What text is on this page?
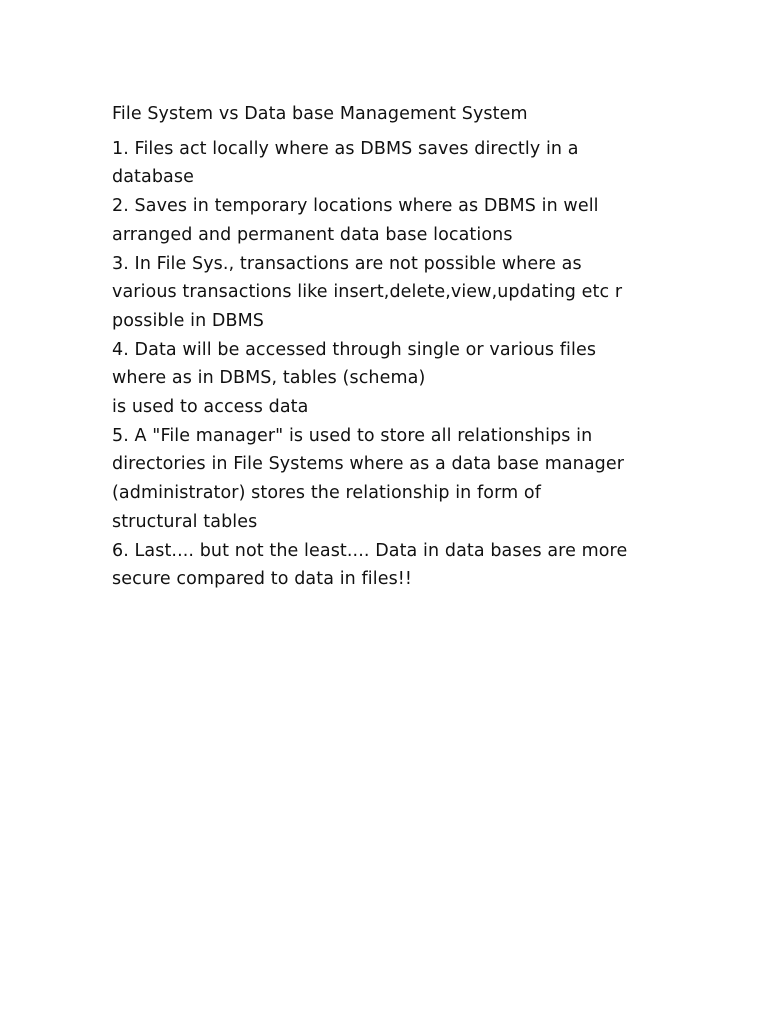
File System vs Data base Management System
1. Files act locally where as DBMS saves directly in a
database
2. Saves in temporary locations where as DBMS in well
arranged and permanent data base locations
3. In File Sys., transactions are not possible where as
various transactions like insert,delete,view,updating etc r
possible in DBMS
4. Data will be accessed through single or various files
where as in DBMS, tables (schema)
is used to access data
5. A "File manager" is used to store all relationships in
directories in File Systems where as a data base manager
(administrator) stores the relationship in form of
structural tables
6. Last.... but not the least.... Data in data bases are more
secure compared to data in files!!
